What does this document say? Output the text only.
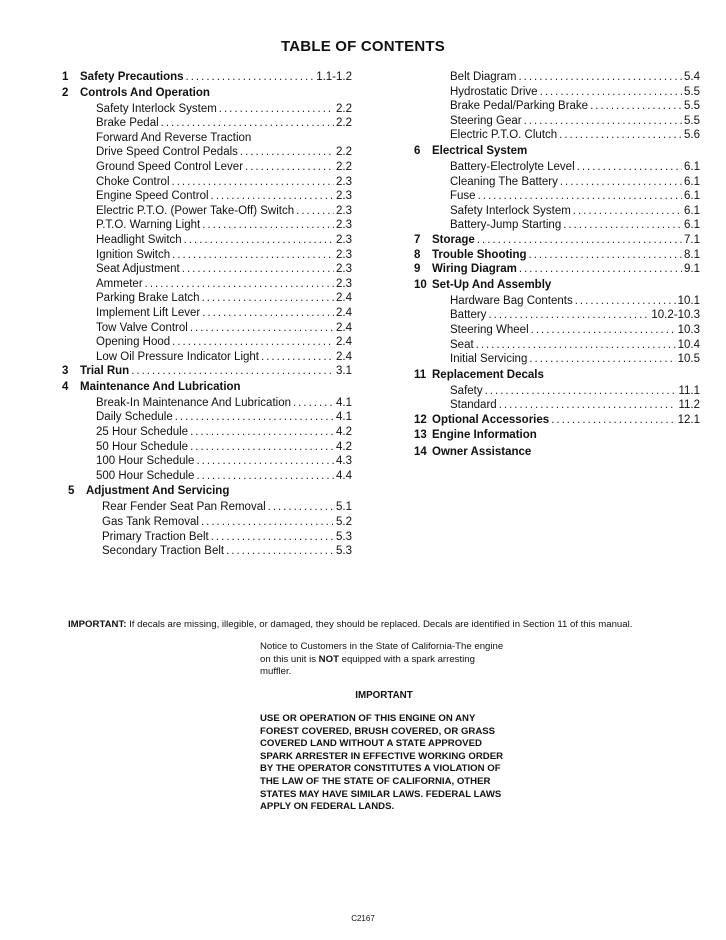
TABLE OF CONTENTS
1	Safety Precautions .....	1.1-1.2
2	Controls And Operation
Safety Interlock System .....	2.2
Brake Pedal .....	2.2
Forward And Reverse Traction
Drive Speed Control Pedals .....	2.2
Ground Speed Control Lever .....	2.2
Choke Control .....	2.3
Engine Speed Control .....	2.3
Electric P.T.O. (Power Take-Off) Switch .....	2.3
P.T.O. Warning Light .....	2.3
Headlight Switch .....	2.3
Ignition Switch .....	2.3
Seat Adjustment .....	2.3
Ammeter .....	2.3
Parking Brake Latch .....	2.4
Implement Lift Lever .....	2.4
Tow Valve Control .....	2.4
Opening Hood .....	2.4
Low Oil Pressure Indicator Light .....	2.4
3	Trial Run .....	3.1
4	Maintenance And Lubrication
Break-In Maintenance And Lubrication .....	4.1
Daily Schedule .....	4.1
25 Hour Schedule .....	4.2
50 Hour Schedule .....	4.2
100 Hour Schedule .....	4.3
500 Hour Schedule .....	4.4
5	Adjustment And Servicing
Rear Fender Seat Pan Removal .....	5.1
Gas Tank Removal .....	5.2
Primary Traction Belt .....	5.3
Secondary Traction Belt .....	5.3
Belt Diagram .....	5.4
Hydrostatic Drive .....	5.5
Brake Pedal/Parking Brake .....	5.5
Steering Gear .....	5.5
Electric P.T.O. Clutch .....	5.6
6	Electrical System
Battery-Electrolyte Level .....	6.1
Cleaning The Battery .....	6.1
Fuse .....	6.1
Safety Interlock System .....	6.1
Battery-Jump Starting .....	6.1
7	Storage .....	7.1
8	Trouble Shooting .....	8.1
9	Wiring Diagram .....	9.1
10 Set-Up And Assembly
Hardware Bag Contents .....	10.1
Battery .....	10.2-10.3
Steering Wheel .....	10.3
Seat .....	10.4
Initial Servicing .....	10.5
11 Replacement Decals
Safety .....	11.1
Standard .....	11.2
12 Optional Accessories .....	12.1
13 Engine Information
14 Owner Assistance
IMPORTANT: If decals are missing, illegible, or damaged, they should be replaced. Decals are identified in Section 11 of this manual.
Notice to Customers in the State of California-The engine on this unit is NOT equipped with a spark arresting muffler.
IMPORTANT
USE OR OPERATION OF THIS ENGINE ON ANY FOREST COVERED, BRUSH COVERED, OR GRASS COVERED LAND WITHOUT A STATE APPROVED SPARK ARRESTER IN EFFECTIVE WORKING ORDER BY THE OPERATOR CONSTITUTES A VIOLATION OF THE LAW OF THE STATE OF CALIFORNIA, OTHER STATES MAY HAVE SIMILAR LAWS. FEDERAL LAWS APPLY ON FEDERAL LANDS.
C2167
